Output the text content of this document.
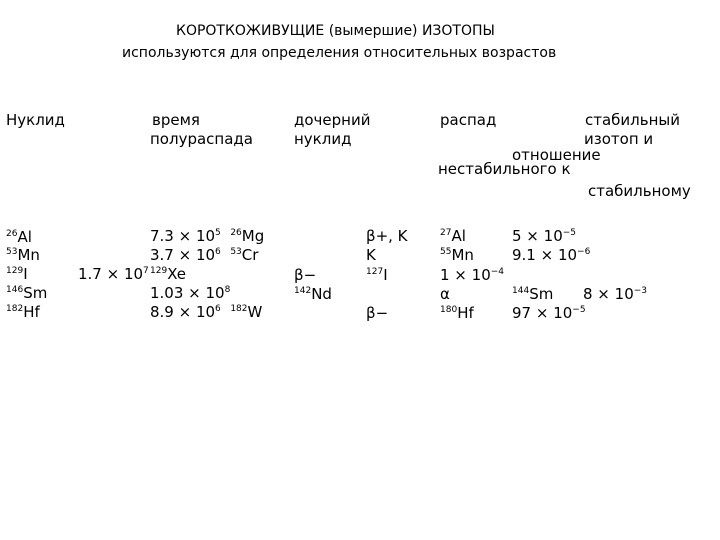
КОРОТКОЖИВУЩИЕ (вымершие) ИЗОТОПЫ
используются для определения относительных возрастов
Нуклид	время
полураспада
дочерний
нуклид
распад	стабильный
изотоп и
отношение
нестабильного к
стабильному
$^{26}$Al
$^{53}$Mn
$^{129}$I
$^{146}$Sm
$^{182}$Hf
$1.7 \times 10^7$
$7.3 \times 10^5$ $^{26}$Mg
$3.7 \times 10^6$ $^{53}$Cr
$^{129}$Xe
$1.03 \times 10^8$
$8.9 \times 10^6$ $^{182}$W
β−
$^{142}$Nd
β+, K
K
$^{127}$I
β−
$^{27}$Al
$^{55}$Mn
$1 \times 10^{-4}$
α
$^{180}$Hf
$5 \times 10^{-5}$
$9.1 \times 10^{-6}$
$^{144}$Sm $8 \times 10^{-3}$
$97 \times 10^{-5}$
